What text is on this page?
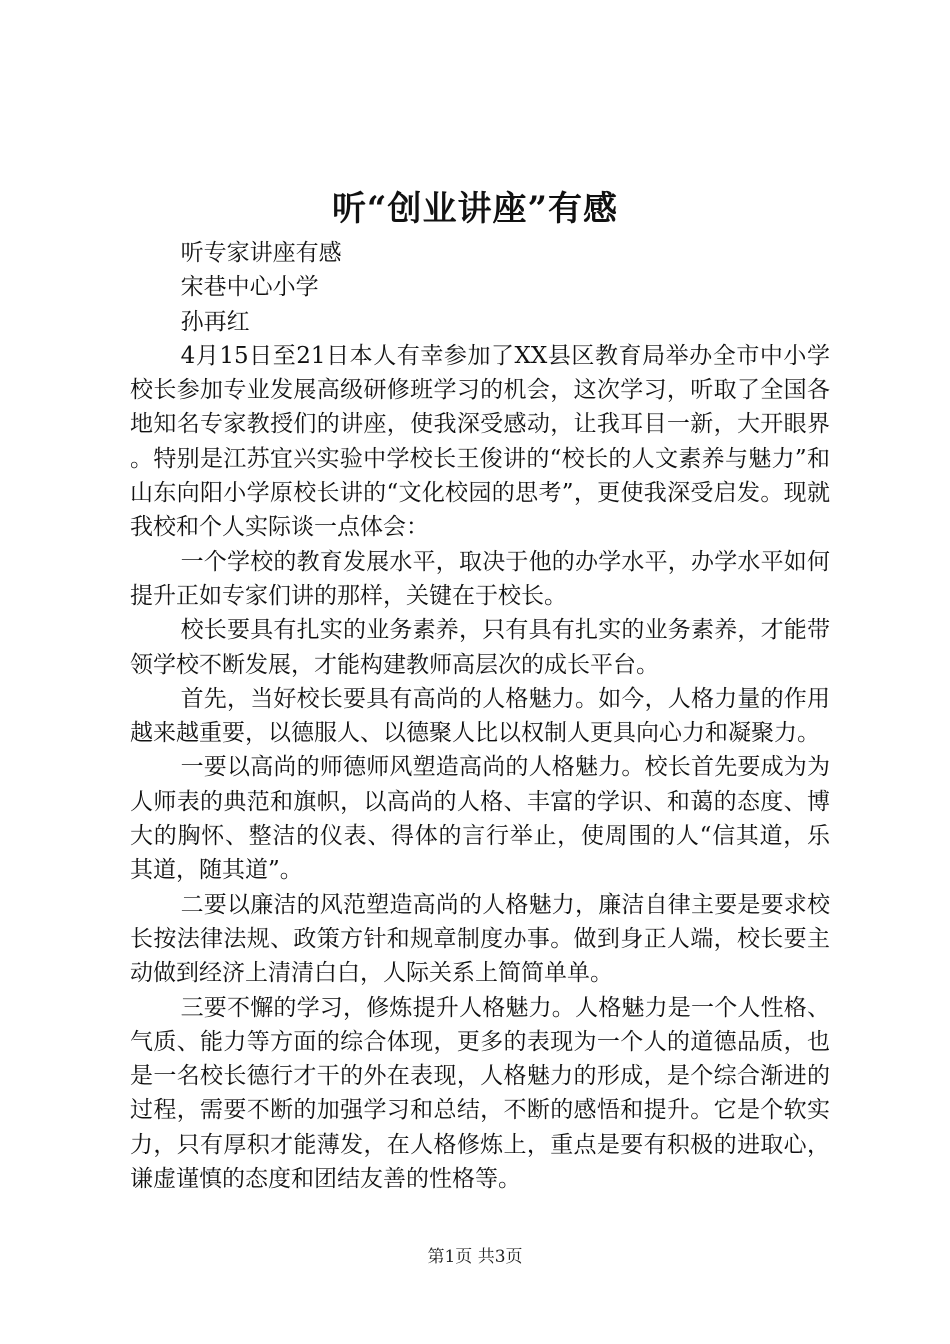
听“创业讲座”有感

听专家讲座有感

宋巷中心小学

孙再红

4月15日至21日本人有幸参加了XX县区教育局举办全市中小学校长参加专业发展高级研修班学习的机会，这次学习，听取了全国各地知名专家教授们的讲座，使我深受感动，让我耳目一新，大开眼界。特别是江苏宜兴实验中学校长王俊讲的“校长的人文素养与魅力”和山东向阳小学原校长讲的“文化校园的思考”，更使我深受启发。现就我校和个人实际谈一点体会：

一个学校的教育发展水平，取决于他的办学水平，办学水平如何提升正如专家们讲的那样，关键在于校长。

校长要具有扎实的业务素养，只有具有扎实的业务素养，才能带领学校不断发展，才能构建教师高层次的成长平台。

首先，当好校长要具有高尚的人格魅力。如今，人格力量的作用越来越重要，以德服人、以德聚人比以权制人更具向心力和凝聚力。

一要以高尚的师德师风塑造高尚的人格魅力。校长首先要成为为人师表的典范和旗帜，以高尚的人格、丰富的学识、和蔼的态度、博大的胸怀、整洁的仪表、得体的言行举止，使周围的人“信其道，乐其道，随其道”。

二要以廉洁的风范塑造高尚的人格魅力，廉洁自律主要是要求校长按法律法规、政策方针和规章制度办事。做到身正人端，校长要主动做到经济上清清白白，人际关系上简简单单。

三要不懈的学习，修炼提升人格魅力。人格魅力是一个人性格、气质、能力等方面的综合体现，更多的表现为一个人的道德品质，也是一名校长德行才干的外在表现，人格魅力的形成，是个综合渐进的过程，需要不断的加强学习和总结，不断的感悟和提升。它是个软实力，只有厚积才能薄发，在人格修炼上，重点是要有积极的进取心，谦虚谨慎的态度和团结友善的性格等。

第1页 共3页
